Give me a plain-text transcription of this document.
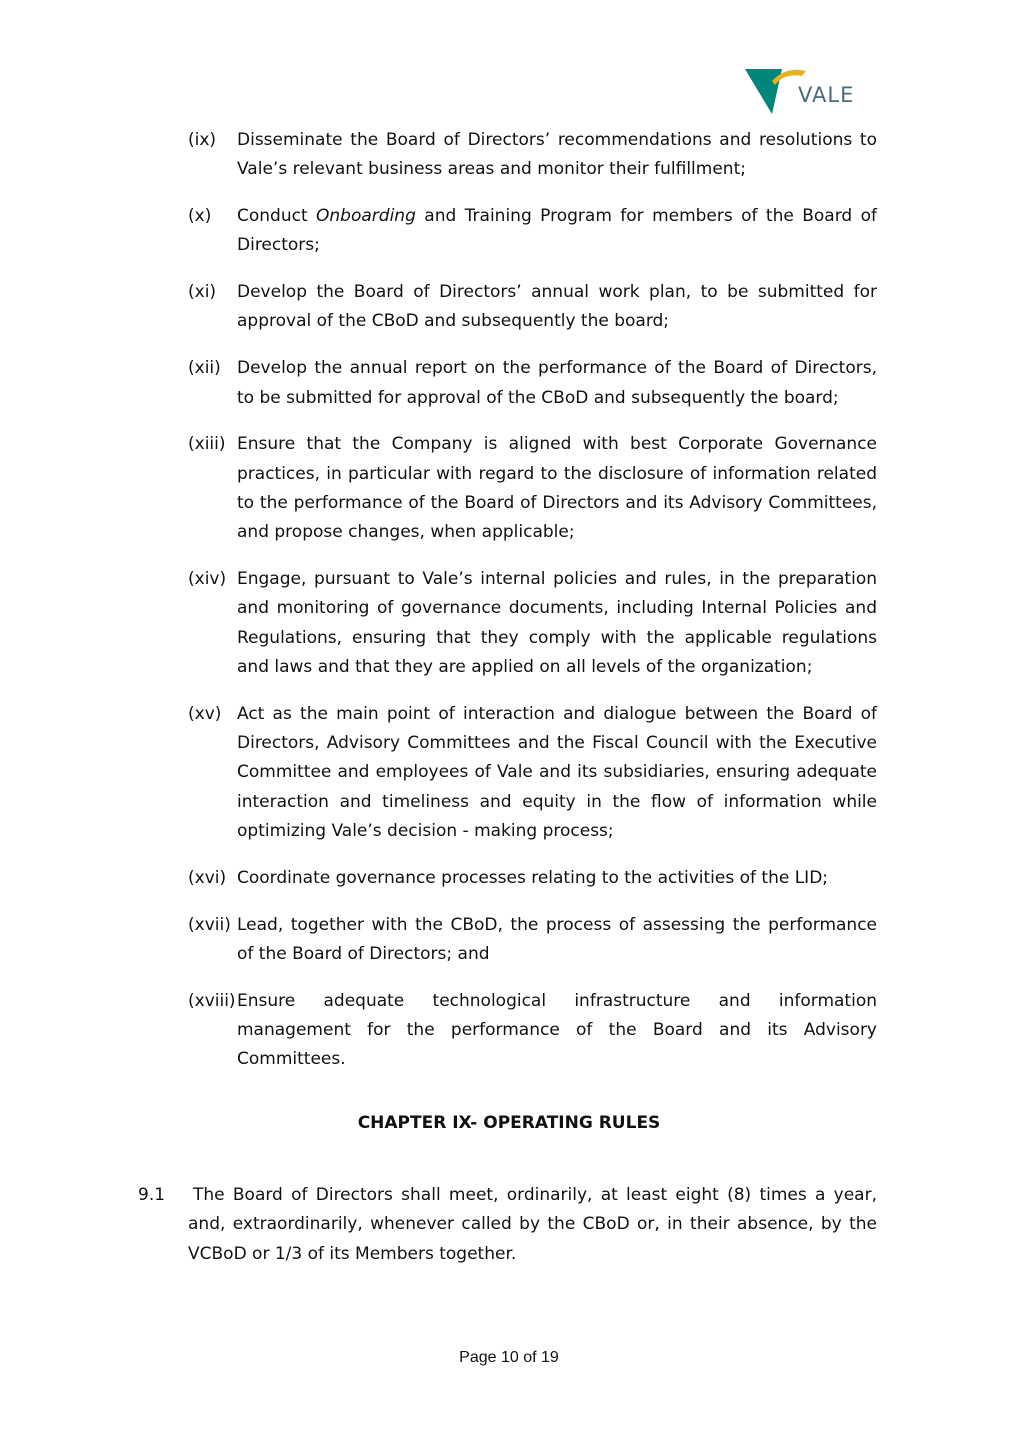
VALE
(ix)	Disseminate the Board of Directors’ recommendations and resolutions to Vale’s relevant business areas and monitor their fulfillment;
(x)	Conduct Onboarding and Training Program for members of the Board of Directors;
(xi)	Develop the Board of Directors’ annual work plan, to be submitted for approval of the CBoD and subsequently the board;
(xii) Develop the annual report on the performance of the Board of Directors, to be submitted for approval of the CBoD and subsequently the board;
(xiii) Ensure that the Company is aligned with best Corporate Governance practices, in particular with regard to the disclosure of information related to the performance of the Board of Directors and its Advisory Committees, and propose changes, when applicable;
(xiv) Engage, pursuant to Vale’s internal policies and rules, in the preparation and monitoring of governance documents, including Internal Policies and Regulations, ensuring that they comply with the applicable regulations and laws and that they are applied on all levels of the organization;
(xv) Act as the main point of interaction and dialogue between the Board of Directors, Advisory Committees and the Fiscal Council with the Executive Committee and employees of Vale and its subsidiaries, ensuring adequate interaction and timeliness and equity in the flow of information while optimizing Vale’s decision - making process;
(xvi) Coordinate governance processes relating to the activities of the LID;
(xvii) Lead, together with the CBoD, the process of assessing the performance of the Board of Directors; and
(xviii) Ensure adequate technological infrastructure and information management for the performance of the Board and its Advisory Committees.
CHAPTER IX- OPERATING RULES
9.1 The Board of Directors shall meet, ordinarily, at least eight (8) times a year, and, extraordinarily, whenever called by the CBoD or, in their absence, by the VCBoD or 1/3 of its Members together.
Page 10 of 19
